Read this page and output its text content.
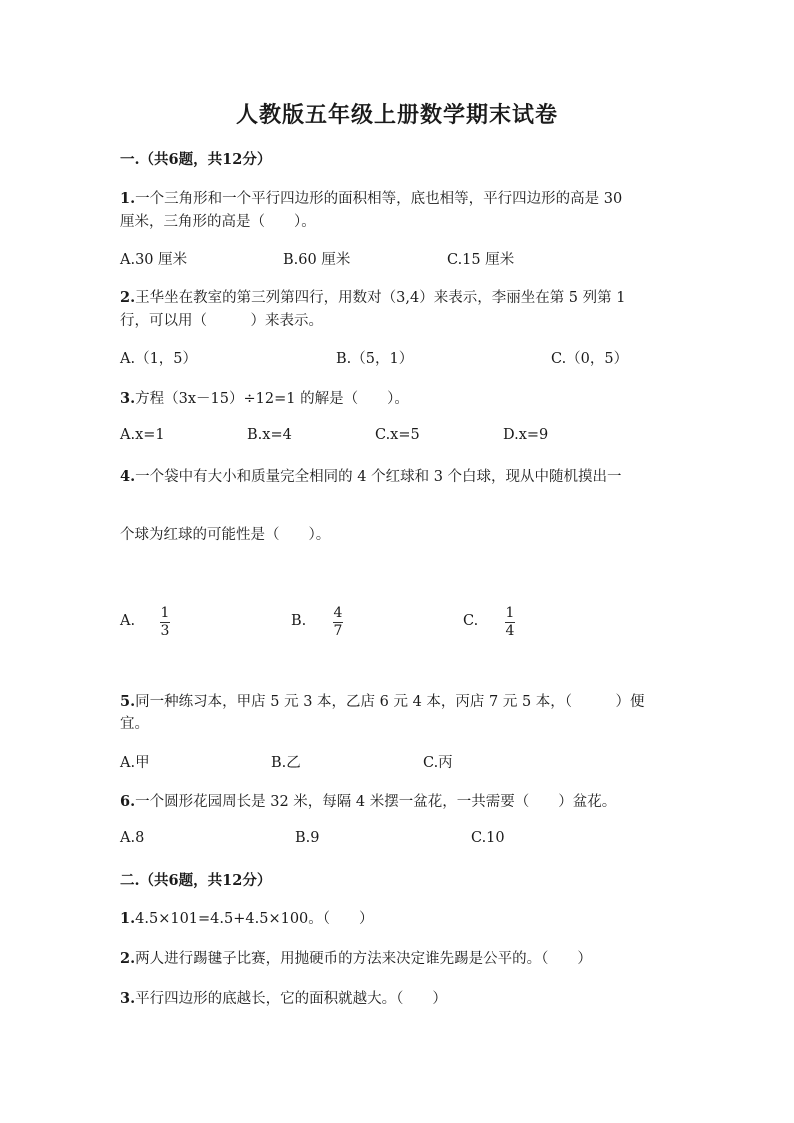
人教版五年级上册数学期末试卷
一.（共6题，共12分）
1.一个三角形和一个平行四边形的面积相等，底也相等，平行四边形的高是 30
厘米，三角形的高是（　　）。
A.30 厘米	B.60 厘米	C.15 厘米
2.王华坐在教室的第三列第四行，用数对（3,4）来表示，李丽坐在第 5 列第 1
行，可以用（　　　）来表示。
A.（1，5）	B.（5，1）	C.（0，5）
3.方程（3x－15）÷12=1 的解是（　　）。
A.x=1	B.x=4	C.x=5	D.x=9
4.一个袋中有大小和质量完全相同的 4 个红球和 3 个白球，现从中随机摸出一
个球为红球的可能性是（　　）。
A. 1
3
B. 4
7
C. 1
4
5.同一种练习本，甲店 5 元 3 本，乙店 6 元 4 本，丙店 7 元 5 本，（　　　）便
宜。
A.甲	B.乙	C.丙
6.一个圆形花园周长是 32 米，每隔 4 米摆一盆花，一共需要（　　）盆花。
A.8	B.9	C.10
二.（共6题，共12分）
1.4.5×101=4.5+4.5×100。（　　）
2.两人进行踢毽子比赛，用抛硬币的方法来决定谁先踢是公平的。（　　）
3.平行四边形的底越长，它的面积就越大。（　　）
